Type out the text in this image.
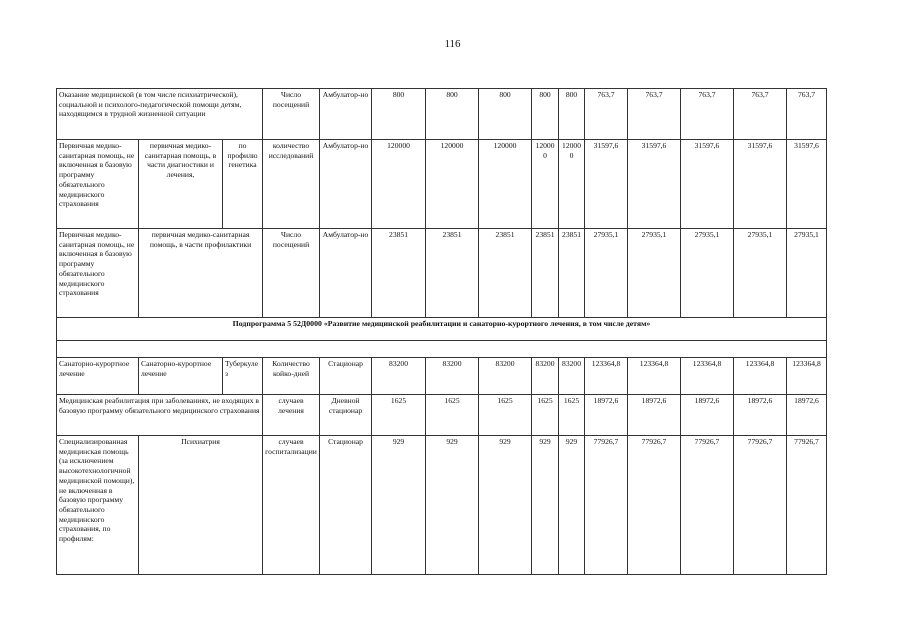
116
Оказание медицинской (в том числе психиатрической), социальной и психолого-педагогической помощи детям, находящимся в трудной жизненной ситуации			Число посещений	Амбулатор-но	800	800	800	800	800	763,7	763,7	763,7	763,7	763,7
Первичная медико-санитарная помощь, не включенная в базовую программу обязательного медицинского страхования	первичная медико-санитарная помощь, в части диагностики и лечения,	по профилю генетика	количество исследований	Амбулатор-но	120000	120000	120000	120000	120000	31597,6	31597,6	31597,6	31597,6	31597,6
Первичная медико-санитарная помощь, не включенная в базовую программу обязательного медицинского страхования	первичная медико-санитарная помощь, в части профилактики		Число посещений	Амбулатор-но	23851	23851	23851	23851	23851	27935,1	27935,1	27935,1	27935,1	27935,1
Подпрограмма 5 52Д0000 «Развитие медицинской реабилитации и санаторно-курортного лечения, в том числе детям»														

Санаторно-курортное лечение	Санаторно-курортное лечение	Туберкулез	Количество койко-дней	Стационар	83200	83200	83200	83200	83200	123364,8	123364,8	123364,8	123364,8	123364,8
Медицинская реабилитация при заболеваниях, не входящих в базовую программу обязательного медицинского страхования			случаев лечения	Дневной стационар	1625	1625	1625	1625	1625	18972,6	18972,6	18972,6	18972,6	18972,6
Специализированная медицинская помощь (за исключением высокотехнологичной медицинской помощи), не включенная в базовую программу обязательного медицинского страхования, по профилям:	Психиатрия		случаев госпитализации	Стационар	929	929	929	929	929	77926,7	77926,7	77926,7	77926,7	77926,7
